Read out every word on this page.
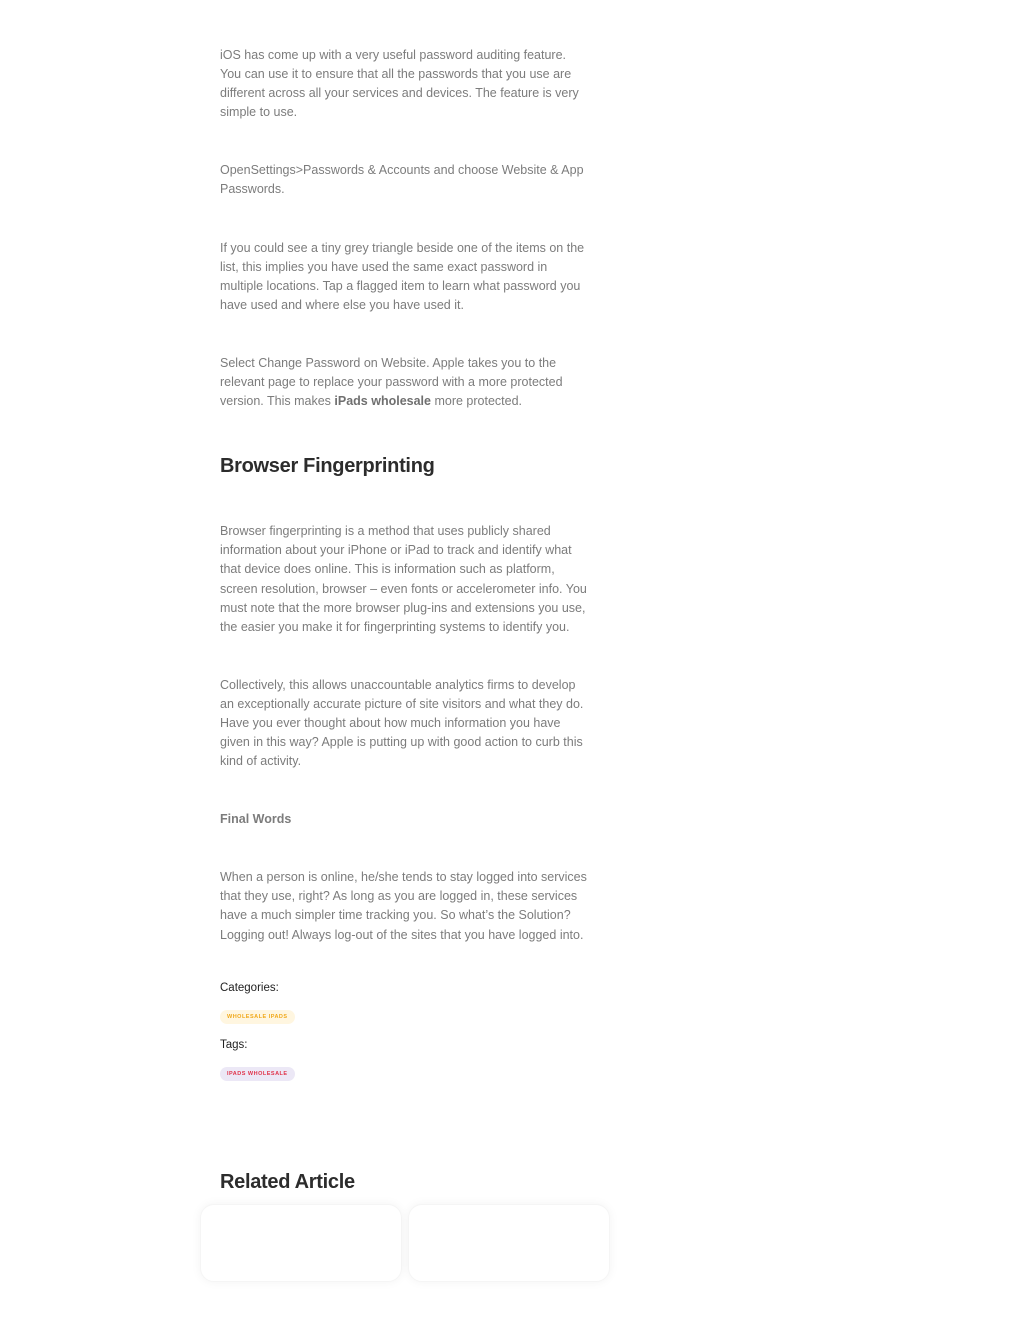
iOS has come up with a very useful password auditing feature. You can use it to ensure that all the passwords that you use are different across all your services and devices. The feature is very simple to use.

OpenSettings>Passwords & Accounts and choose Website & App Passwords.

If you could see a tiny grey triangle beside one of the items on the list, this implies you have used the same exact password in multiple locations. Tap a flagged item to learn what password you have used and where else you have used it.

Select Change Password on Website. Apple takes you to the relevant page to replace your password with a more protected version. This makes iPads wholesale more protected.

Browser Fingerprinting

Browser fingerprinting is a method that uses publicly shared information about your iPhone or iPad to track and identify what that device does online. This is information such as platform, screen resolution, browser – even fonts or accelerometer info. You must note that the more browser plug-ins and extensions you use, the easier you make it for fingerprinting systems to identify you.

Collectively, this allows unaccountable analytics firms to develop an exceptionally accurate picture of site visitors and what they do. Have you ever thought about how much information you have given in this way? Apple is putting up with good action to curb this kind of activity.

Final Words

When a person is online, he/she tends to stay logged into services that they use, right? As long as you are logged in, these services have a much simpler time tracking you. So what’s the Solution? Logging out! Always log-out of the sites that you have logged into.

Categories:
WHOLESALE IPADS
Tags:
IPADS WHOLESALE
Related Article
